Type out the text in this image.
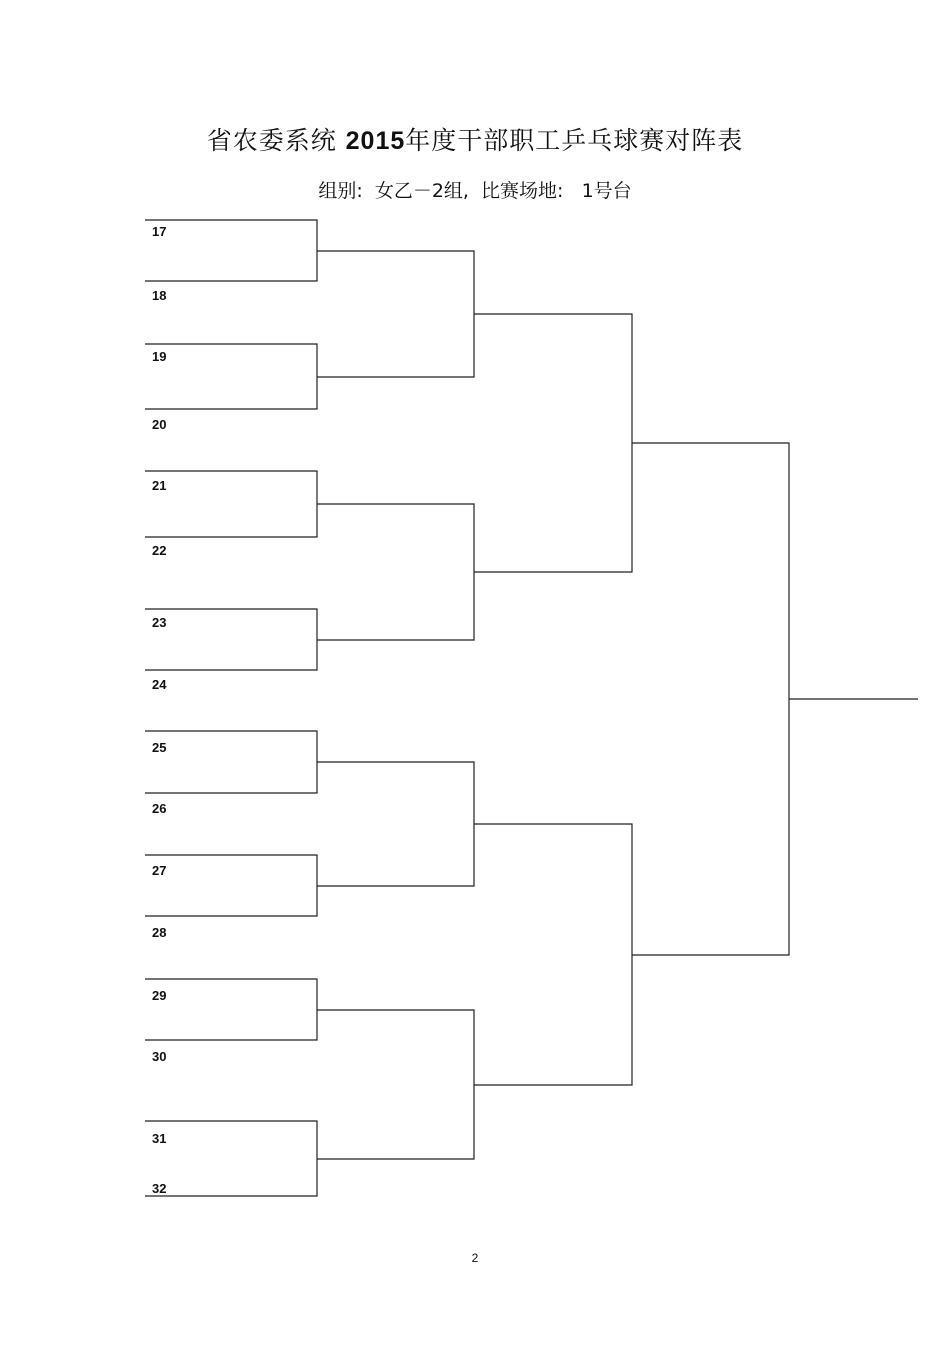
省农委系统 2015年度干部职工乒乓球赛对阵表
组别: 女乙－2组, 比赛场地: 1号台
17
18
19
20
21
22
23
24
25
26
27
28
29
30
31
32
2
